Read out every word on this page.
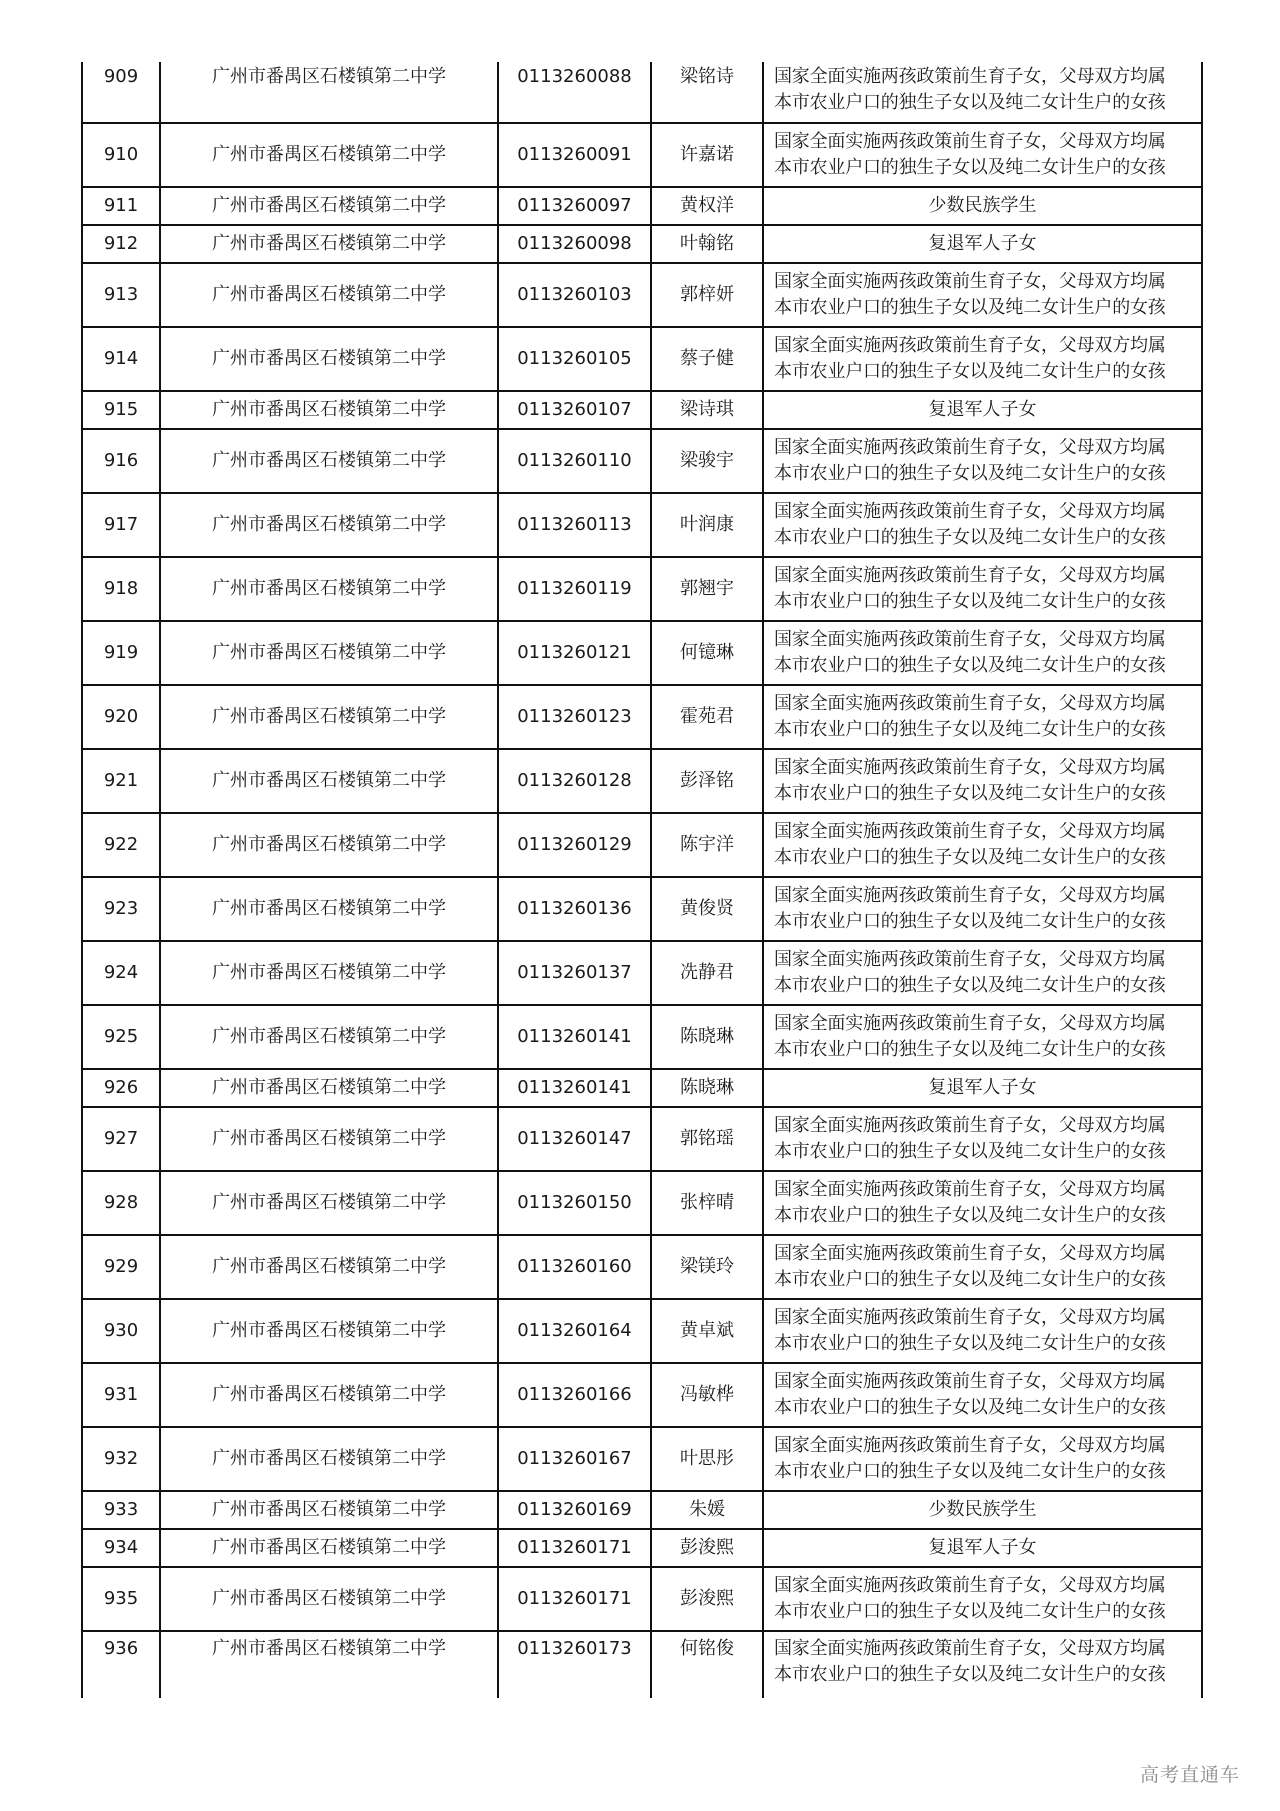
909	广州市番禺区石楼镇第二中学	0113260088	梁铭诗	国家全面实施两孩政策前生育子女，父母双方均属
本市农业户口的独生子女以及纯二女计生户的女孩

910	广州市番禺区石楼镇第二中学	0113260091	许嘉诺	国家全面实施两孩政策前生育子女，父母双方均属
本市农业户口的独生子女以及纯二女计生户的女孩

911	广州市番禺区石楼镇第二中学	0113260097	黄权洋	少数民族学生
912	广州市番禺区石楼镇第二中学	0113260098	叶翰铭	复退军人子女
913	广州市番禺区石楼镇第二中学	0113260103	郭梓妍	国家全面实施两孩政策前生育子女，父母双方均属
本市农业户口的独生子女以及纯二女计生户的女孩

914	广州市番禺区石楼镇第二中学	0113260105	蔡子健	国家全面实施两孩政策前生育子女，父母双方均属
本市农业户口的独生子女以及纯二女计生户的女孩

915	广州市番禺区石楼镇第二中学	0113260107	梁诗琪	复退军人子女
916	广州市番禺区石楼镇第二中学	0113260110	梁骏宇	国家全面实施两孩政策前生育子女，父母双方均属
本市农业户口的独生子女以及纯二女计生户的女孩

917	广州市番禺区石楼镇第二中学	0113260113	叶润康	国家全面实施两孩政策前生育子女，父母双方均属
本市农业户口的独生子女以及纯二女计生户的女孩

918	广州市番禺区石楼镇第二中学	0113260119	郭翘宇	国家全面实施两孩政策前生育子女，父母双方均属
本市农业户口的独生子女以及纯二女计生户的女孩

919	广州市番禺区石楼镇第二中学	0113260121	何镱琳	国家全面实施两孩政策前生育子女，父母双方均属
本市农业户口的独生子女以及纯二女计生户的女孩

920	广州市番禺区石楼镇第二中学	0113260123	霍苑君	国家全面实施两孩政策前生育子女，父母双方均属
本市农业户口的独生子女以及纯二女计生户的女孩

921	广州市番禺区石楼镇第二中学	0113260128	彭泽铭	国家全面实施两孩政策前生育子女，父母双方均属
本市农业户口的独生子女以及纯二女计生户的女孩

922	广州市番禺区石楼镇第二中学	0113260129	陈宇洋	国家全面实施两孩政策前生育子女，父母双方均属
本市农业户口的独生子女以及纯二女计生户的女孩

923	广州市番禺区石楼镇第二中学	0113260136	黄俊贤	国家全面实施两孩政策前生育子女，父母双方均属
本市农业户口的独生子女以及纯二女计生户的女孩

924	广州市番禺区石楼镇第二中学	0113260137	冼静君	国家全面实施两孩政策前生育子女，父母双方均属
本市农业户口的独生子女以及纯二女计生户的女孩

925	广州市番禺区石楼镇第二中学	0113260141	陈晓琳	国家全面实施两孩政策前生育子女，父母双方均属
本市农业户口的独生子女以及纯二女计生户的女孩

926	广州市番禺区石楼镇第二中学	0113260141	陈晓琳	复退军人子女
927	广州市番禺区石楼镇第二中学	0113260147	郭铭瑶	国家全面实施两孩政策前生育子女，父母双方均属
本市农业户口的独生子女以及纯二女计生户的女孩

928	广州市番禺区石楼镇第二中学	0113260150	张梓晴	国家全面实施两孩政策前生育子女，父母双方均属
本市农业户口的独生子女以及纯二女计生户的女孩

929	广州市番禺区石楼镇第二中学	0113260160	梁镁玲	国家全面实施两孩政策前生育子女，父母双方均属
本市农业户口的独生子女以及纯二女计生户的女孩

930	广州市番禺区石楼镇第二中学	0113260164	黄卓斌	国家全面实施两孩政策前生育子女，父母双方均属
本市农业户口的独生子女以及纯二女计生户的女孩

931	广州市番禺区石楼镇第二中学	0113260166	冯敏桦	国家全面实施两孩政策前生育子女，父母双方均属
本市农业户口的独生子女以及纯二女计生户的女孩

932	广州市番禺区石楼镇第二中学	0113260167	叶思彤	国家全面实施两孩政策前生育子女，父母双方均属
本市农业户口的独生子女以及纯二女计生户的女孩

933	广州市番禺区石楼镇第二中学	0113260169	朱媛	少数民族学生
934	广州市番禺区石楼镇第二中学	0113260171	彭浚熙	复退军人子女
935	广州市番禺区石楼镇第二中学	0113260171	彭浚熙	国家全面实施两孩政策前生育子女，父母双方均属
本市农业户口的独生子女以及纯二女计生户的女孩

936	广州市番禺区石楼镇第二中学	0113260173	何铭俊	国家全面实施两孩政策前生育子女，父母双方均属
本市农业户口的独生子女以及纯二女计生户的女孩
高考直通车
